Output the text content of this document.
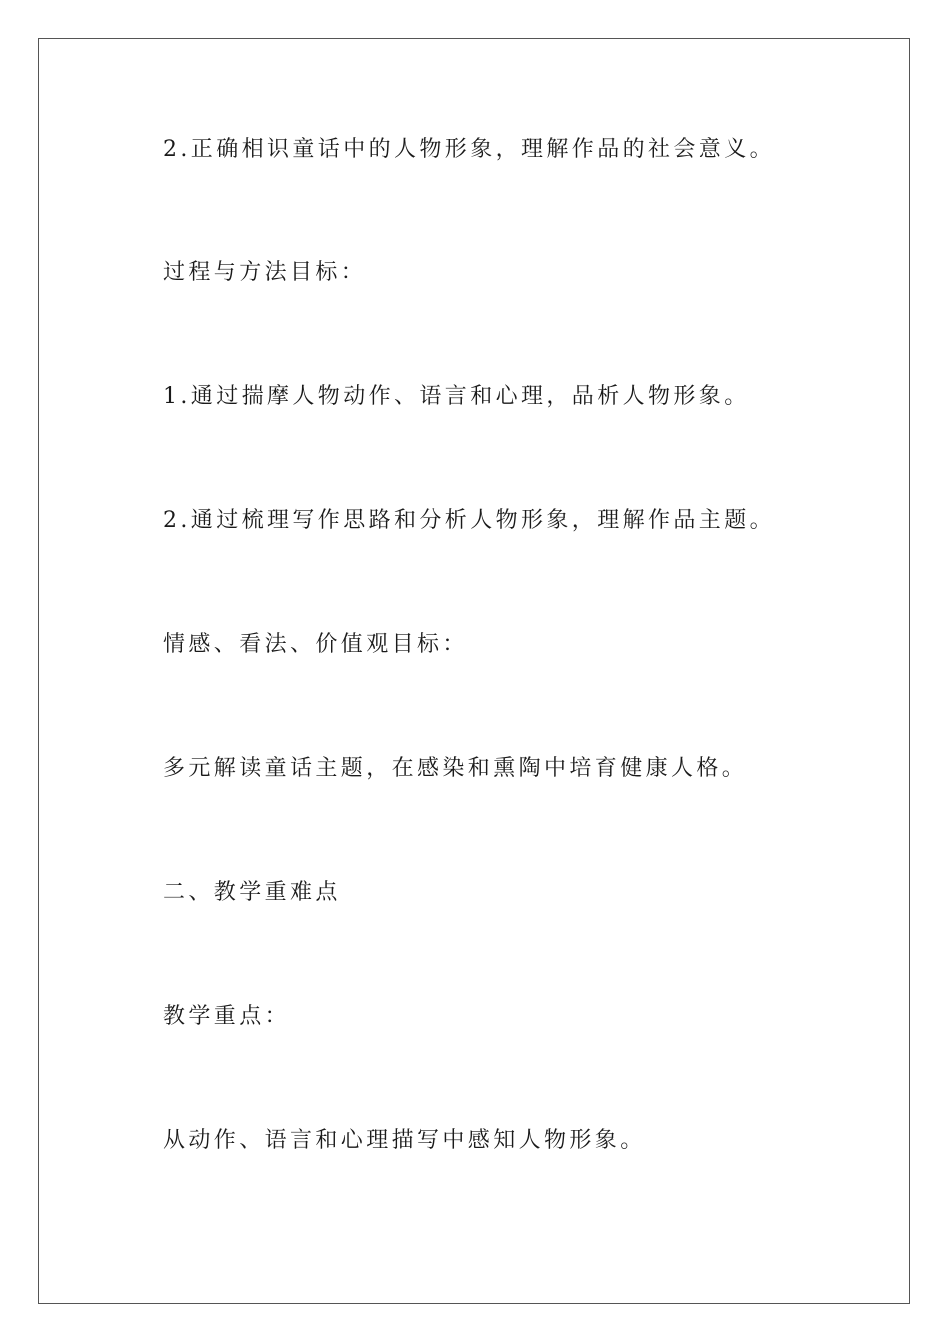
2.正确相识童话中的人物形象，理解作品的社会意义。
过程与方法目标：
1.通过揣摩人物动作、语言和心理，品析人物形象。
2.通过梳理写作思路和分析人物形象，理解作品主题。
情感、看法、价值观目标：
多元解读童话主题，在感染和熏陶中培育健康人格。
二、教学重难点
教学重点：
从动作、语言和心理描写中感知人物形象。
